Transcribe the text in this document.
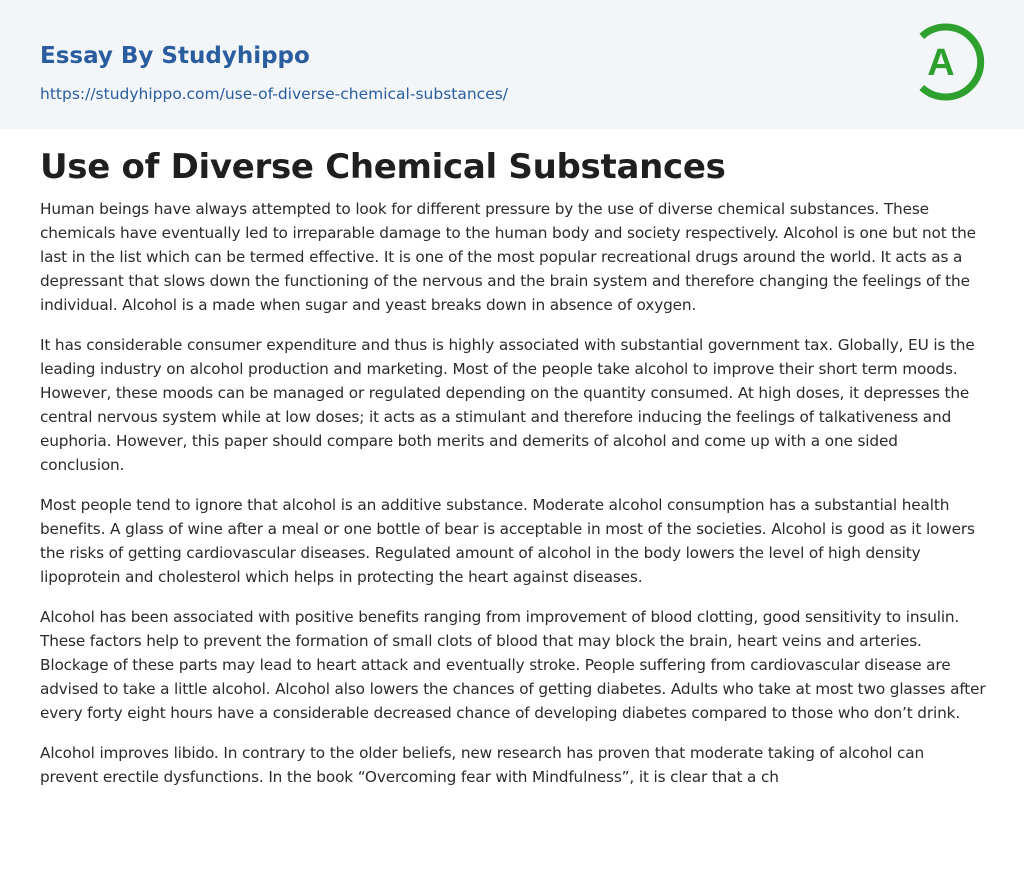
Essay By Studyhippo
https://studyhippo.com/use-of-diverse-chemical-substances/
A
Use of Diverse Chemical Substances

Human beings have always attempted to look for different pressure by the use of diverse chemical substances. These chemicals have eventually led to irreparable damage to the human body and society respectively. Alcohol is one but not the last in the list which can be termed effective. It is one of the most popular recreational drugs around the world. It acts as a depressant that slows down the functioning of the nervous and the brain system and therefore changing the feelings of the individual. Alcohol is a made when sugar and yeast breaks down in absence of oxygen.

It has considerable consumer expenditure and thus is highly associated with substantial government tax. Globally, EU is the leading industry on alcohol production and marketing. Most of the people take alcohol to improve their short term moods. However, these moods can be managed or regulated depending on the quantity consumed. At high doses, it depresses the central nervous system while at low doses; it acts as a stimulant and therefore inducing the feelings of talkativeness and euphoria. However, this paper should compare both merits and demerits of alcohol and come up with a one sided conclusion.

Most people tend to ignore that alcohol is an additive substance. Moderate alcohol consumption has a substantial health benefits. A glass of wine after a meal or one bottle of bear is acceptable in most of the societies. Alcohol is good as it lowers the risks of getting cardiovascular diseases. Regulated amount of alcohol in the body lowers the level of high density lipoprotein and cholesterol which helps in protecting the heart against diseases.

Alcohol has been associated with positive benefits ranging from improvement of blood clotting, good sensitivity to insulin. These factors help to prevent the formation of small clots of blood that may block the brain, heart veins and arteries. Blockage of these parts may lead to heart attack and eventually stroke. People suffering from cardiovascular disease are advised to take a little alcohol. Alcohol also lowers the chances of getting diabetes. Adults who take at most two glasses after every forty eight hours have a considerable decreased chance of developing diabetes compared to those who don’t drink.

Alcohol improves libido. In contrary to the older beliefs, new research has proven that moderate taking of alcohol can prevent erectile dysfunctions. In the book “Overcoming fear with Mindfulness”, it is clear that a ch
